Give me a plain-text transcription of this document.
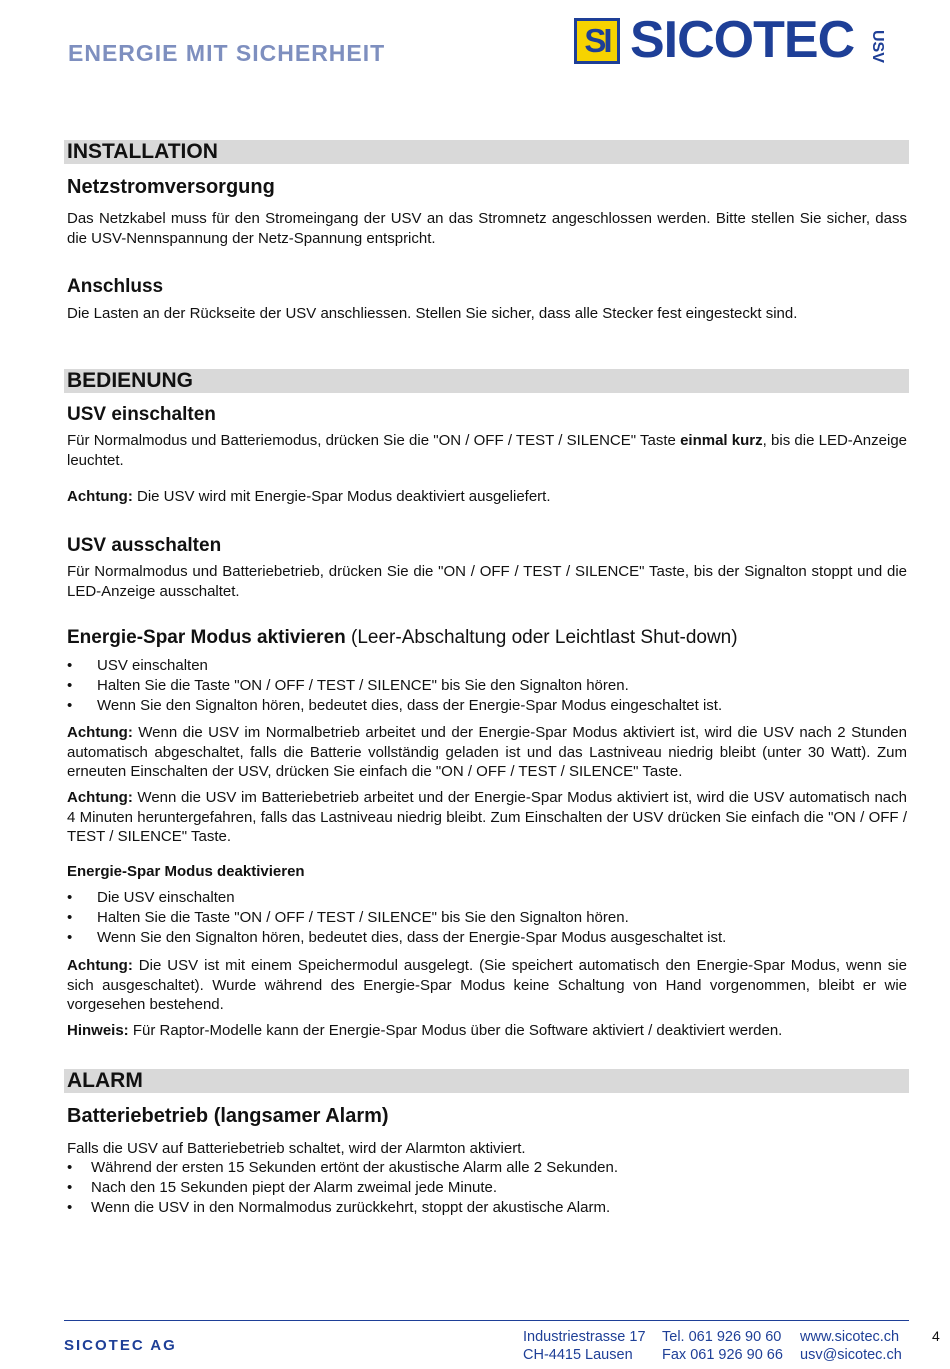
ENERGIE MIT SICHERHEIT	SI SICOTEC USV
INSTALLATION
Netzstromversorgung
Das Netzkabel muss für den Stromeingang der USV an das Stromnetz angeschlossen werden. Bitte stellen Sie sicher, dass die USV-Nennspannung der Netz-Spannung entspricht.
Anschluss
Die Lasten an der Rückseite der USV anschliessen. Stellen Sie sicher, dass alle Stecker fest eingesteckt sind.
BEDIENUNG
USV einschalten
Für Normalmodus und Batteriemodus, drücken Sie die "ON / OFF / TEST / SILENCE" Taste einmal kurz, bis die LED-Anzeige leuchtet.
Achtung: Die USV wird mit Energie-Spar Modus deaktiviert ausgeliefert.
USV ausschalten
Für Normalmodus und Batteriebetrieb, drücken Sie die "ON / OFF / TEST / SILENCE" Taste, bis der Signalton stoppt und die LED-Anzeige ausschaltet.
Energie-Spar Modus aktivieren (Leer-Abschaltung oder Leichtlast Shut-down)
• USV einschalten
• Halten Sie die Taste "ON / OFF / TEST / SILENCE" bis Sie den Signalton hören.
• Wenn Sie den Signalton hören, bedeutet dies, dass der Energie-Spar Modus eingeschaltet ist.
Achtung: Wenn die USV im Normalbetrieb arbeitet und der Energie-Spar Modus aktiviert ist, wird die USV nach 2 Stunden automatisch abgeschaltet, falls die Batterie vollständig geladen ist und das Lastniveau niedrig bleibt (unter 30 Watt). Zum erneuten Einschalten der USV, drücken Sie einfach die "ON / OFF / TEST / SILENCE" Taste.
Achtung: Wenn die USV im Batteriebetrieb arbeitet und der Energie-Spar Modus aktiviert ist, wird die USV automatisch nach 4 Minuten heruntergefahren, falls das Lastniveau niedrig bleibt. Zum Einschalten der USV drücken Sie einfach die "ON / OFF / TEST / SILENCE" Taste.
Energie-Spar Modus deaktivieren
• Die USV einschalten
• Halten Sie die Taste "ON / OFF / TEST / SILENCE" bis Sie den Signalton hören.
• Wenn Sie den Signalton hören, bedeutet dies, dass der Energie-Spar Modus ausgeschaltet ist.
Achtung: Die USV ist mit einem Speichermodul ausgelegt. (Sie speichert automatisch den Energie-Spar Modus, wenn sie sich ausgeschaltet). Wurde während des Energie-Spar Modus keine Schaltung von Hand vorgenommen, bleibt er wie vorgesehen bestehend.
Hinweis: Für Raptor-Modelle kann der Energie-Spar Modus über die Software aktiviert / deaktiviert werden.
ALARM
Batteriebetrieb (langsamer Alarm)
Falls die USV auf Batteriebetrieb schaltet, wird der Alarmton aktiviert.
• Während der ersten 15 Sekunden ertönt der akustische Alarm alle 2 Sekunden.
• Nach den 15 Sekunden piept der Alarm zweimal jede Minute.
• Wenn die USV in den Normalmodus zurückkehrt, stoppt der akustische Alarm.
SICOTEC AG	Industriestrasse 17
CH-4415 Lausen
Tel. 061 926 90 60
Fax 061 926 90 66
www.sicotec.ch
usv@sicotec.ch
4
